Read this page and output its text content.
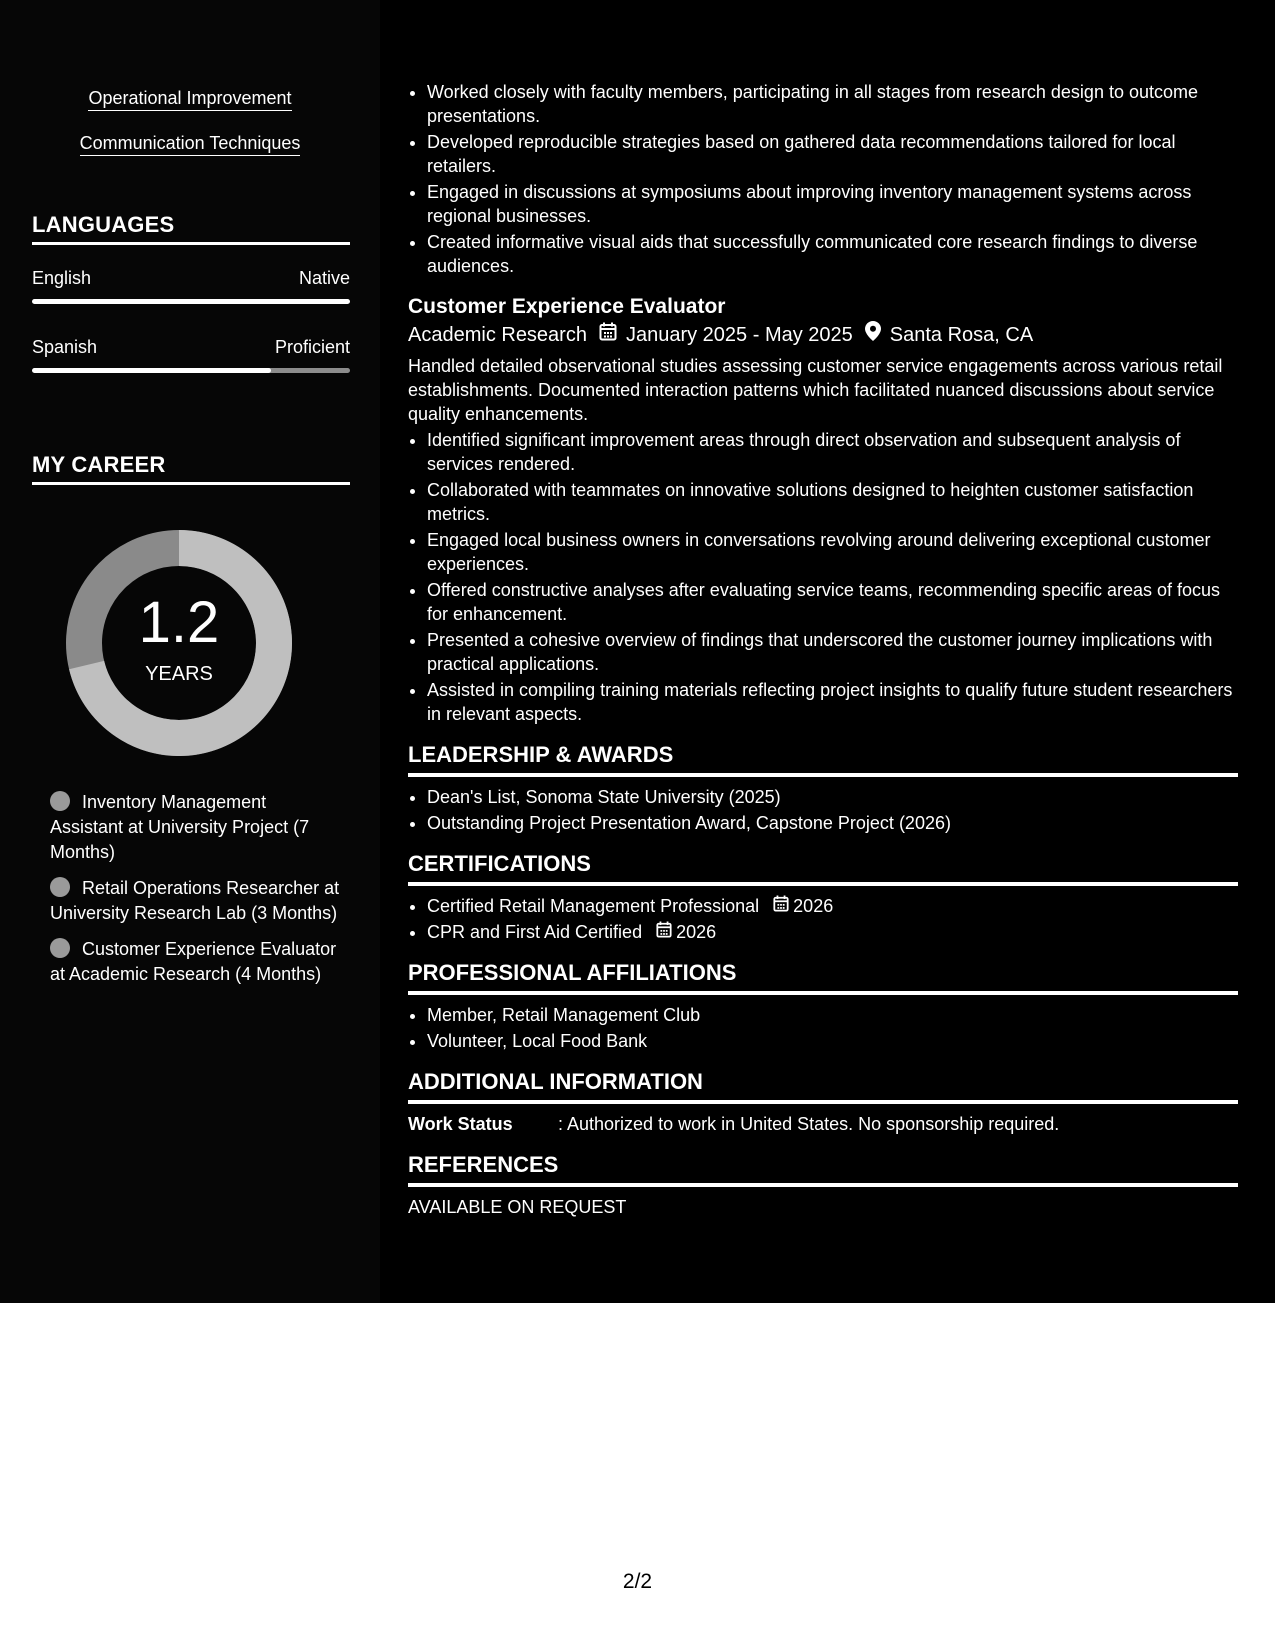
Operational Improvement
Communication Techniques
LANGUAGES
English	Native
Spanish	Proficient
MY CAREER
1.2
YEARS
Inventory Management Assistant at University Project (7 Months)
Retail Operations Researcher at University Research Lab (3 Months)
Customer Experience Evaluator at Academic Research (4 Months)
• Worked closely with faculty members, participating in all stages from research design to outcome presentations.
• Developed reproducible strategies based on gathered data recommendations tailored for local retailers.
• Engaged in discussions at symposiums about improving inventory management systems across regional businesses.
• Created informative visual aids that successfully communicated core research findings to diverse audiences.
Customer Experience Evaluator
Academic Research January 2025 - May 2025 Santa Rosa, CA
Handled detailed observational studies assessing customer service engagements across various retail establishments. Documented interaction patterns which facilitated nuanced discussions about service quality enhancements.
• Identified significant improvement areas through direct observation and subsequent analysis of services rendered.
• Collaborated with teammates on innovative solutions designed to heighten customer satisfaction metrics.
• Engaged local business owners in conversations revolving around delivering exceptional customer experiences.
• Offered constructive analyses after evaluating service teams, recommending specific areas of focus for enhancement.
• Presented a cohesive overview of findings that underscored the customer journey implications with practical applications.
• Assisted in compiling training materials reflecting project insights to qualify future student researchers in relevant aspects.
LEADERSHIP & AWARDS
• Dean's List, Sonoma State University (2025)
• Outstanding Project Presentation Award, Capstone Project (2026)
CERTIFICATIONS
• Certified Retail Management Professional 2026
• CPR and First Aid Certified 2026
PROFESSIONAL AFFILIATIONS
• Member, Retail Management Club
• Volunteer, Local Food Bank
ADDITIONAL INFORMATION
Work Status	: Authorized to work in United States. No sponsorship required.
REFERENCES
AVAILABLE ON REQUEST
2/2
